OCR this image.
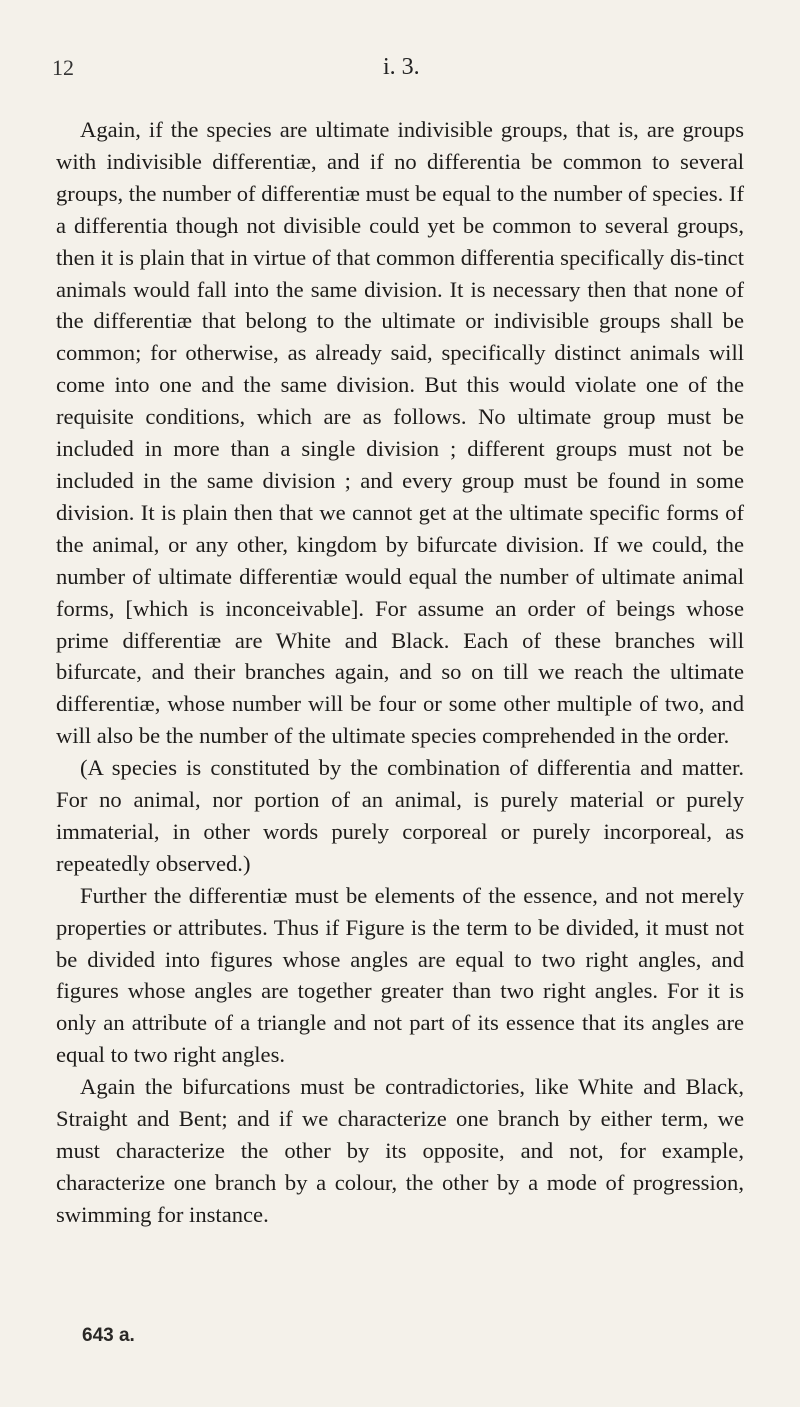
12	i. 3.

Again, if the species are ultimate indivisible groups, that is, are groups with indivisible differentiæ, and if no differentia be common to several groups, the number of differentiæ must be equal to the number of species. If a differentia though not divisible could yet be common to several groups, then it is plain that in virtue of that common differentia specifically dis-tinct animals would fall into the same division. It is necessary then that none of the differentiæ that belong to the ultimate or indivisible groups shall be common; for otherwise, as already said, specifically distinct animals will come into one and the same division. But this would violate one of the requisite conditions, which are as follows. No ultimate group must be included in more than a single division ; different groups must not be included in the same division ; and every group must be found in some division. It is plain then that we cannot get at the ultimate specific forms of the animal, or any other, kingdom by bifurcate division. If we could, the number of ultimate differentiæ would equal the number of ultimate animal forms, [which is inconceivable]. For assume an order of beings whose prime differentiæ are White and Black. Each of these branches will bifurcate, and their branches again, and so on till we reach the ultimate differentiæ, whose number will be four or some other multiple of two, and will also be the number of the ultimate species comprehended in the order.

(A species is constituted by the combination of differentia and matter. For no animal, nor portion of an animal, is purely material or purely immaterial, in other words purely corporeal or purely incorporeal, as repeatedly observed.)

Further the differentiæ must be elements of the essence, and not merely properties or attributes. Thus if Figure is the term to be divided, it must not be divided into figures whose angles are equal to two right angles, and figures whose angles are together greater than two right angles. For it is only an attribute of a triangle and not part of its essence that its angles are equal to two right angles.

Again the bifurcations must be contradictories, like White and Black, Straight and Bent; and if we characterize one branch by either term, we must characterize the other by its opposite, and not, for example, characterize one branch by a colour, the other by a mode of progression, swimming for instance.

643 a.
